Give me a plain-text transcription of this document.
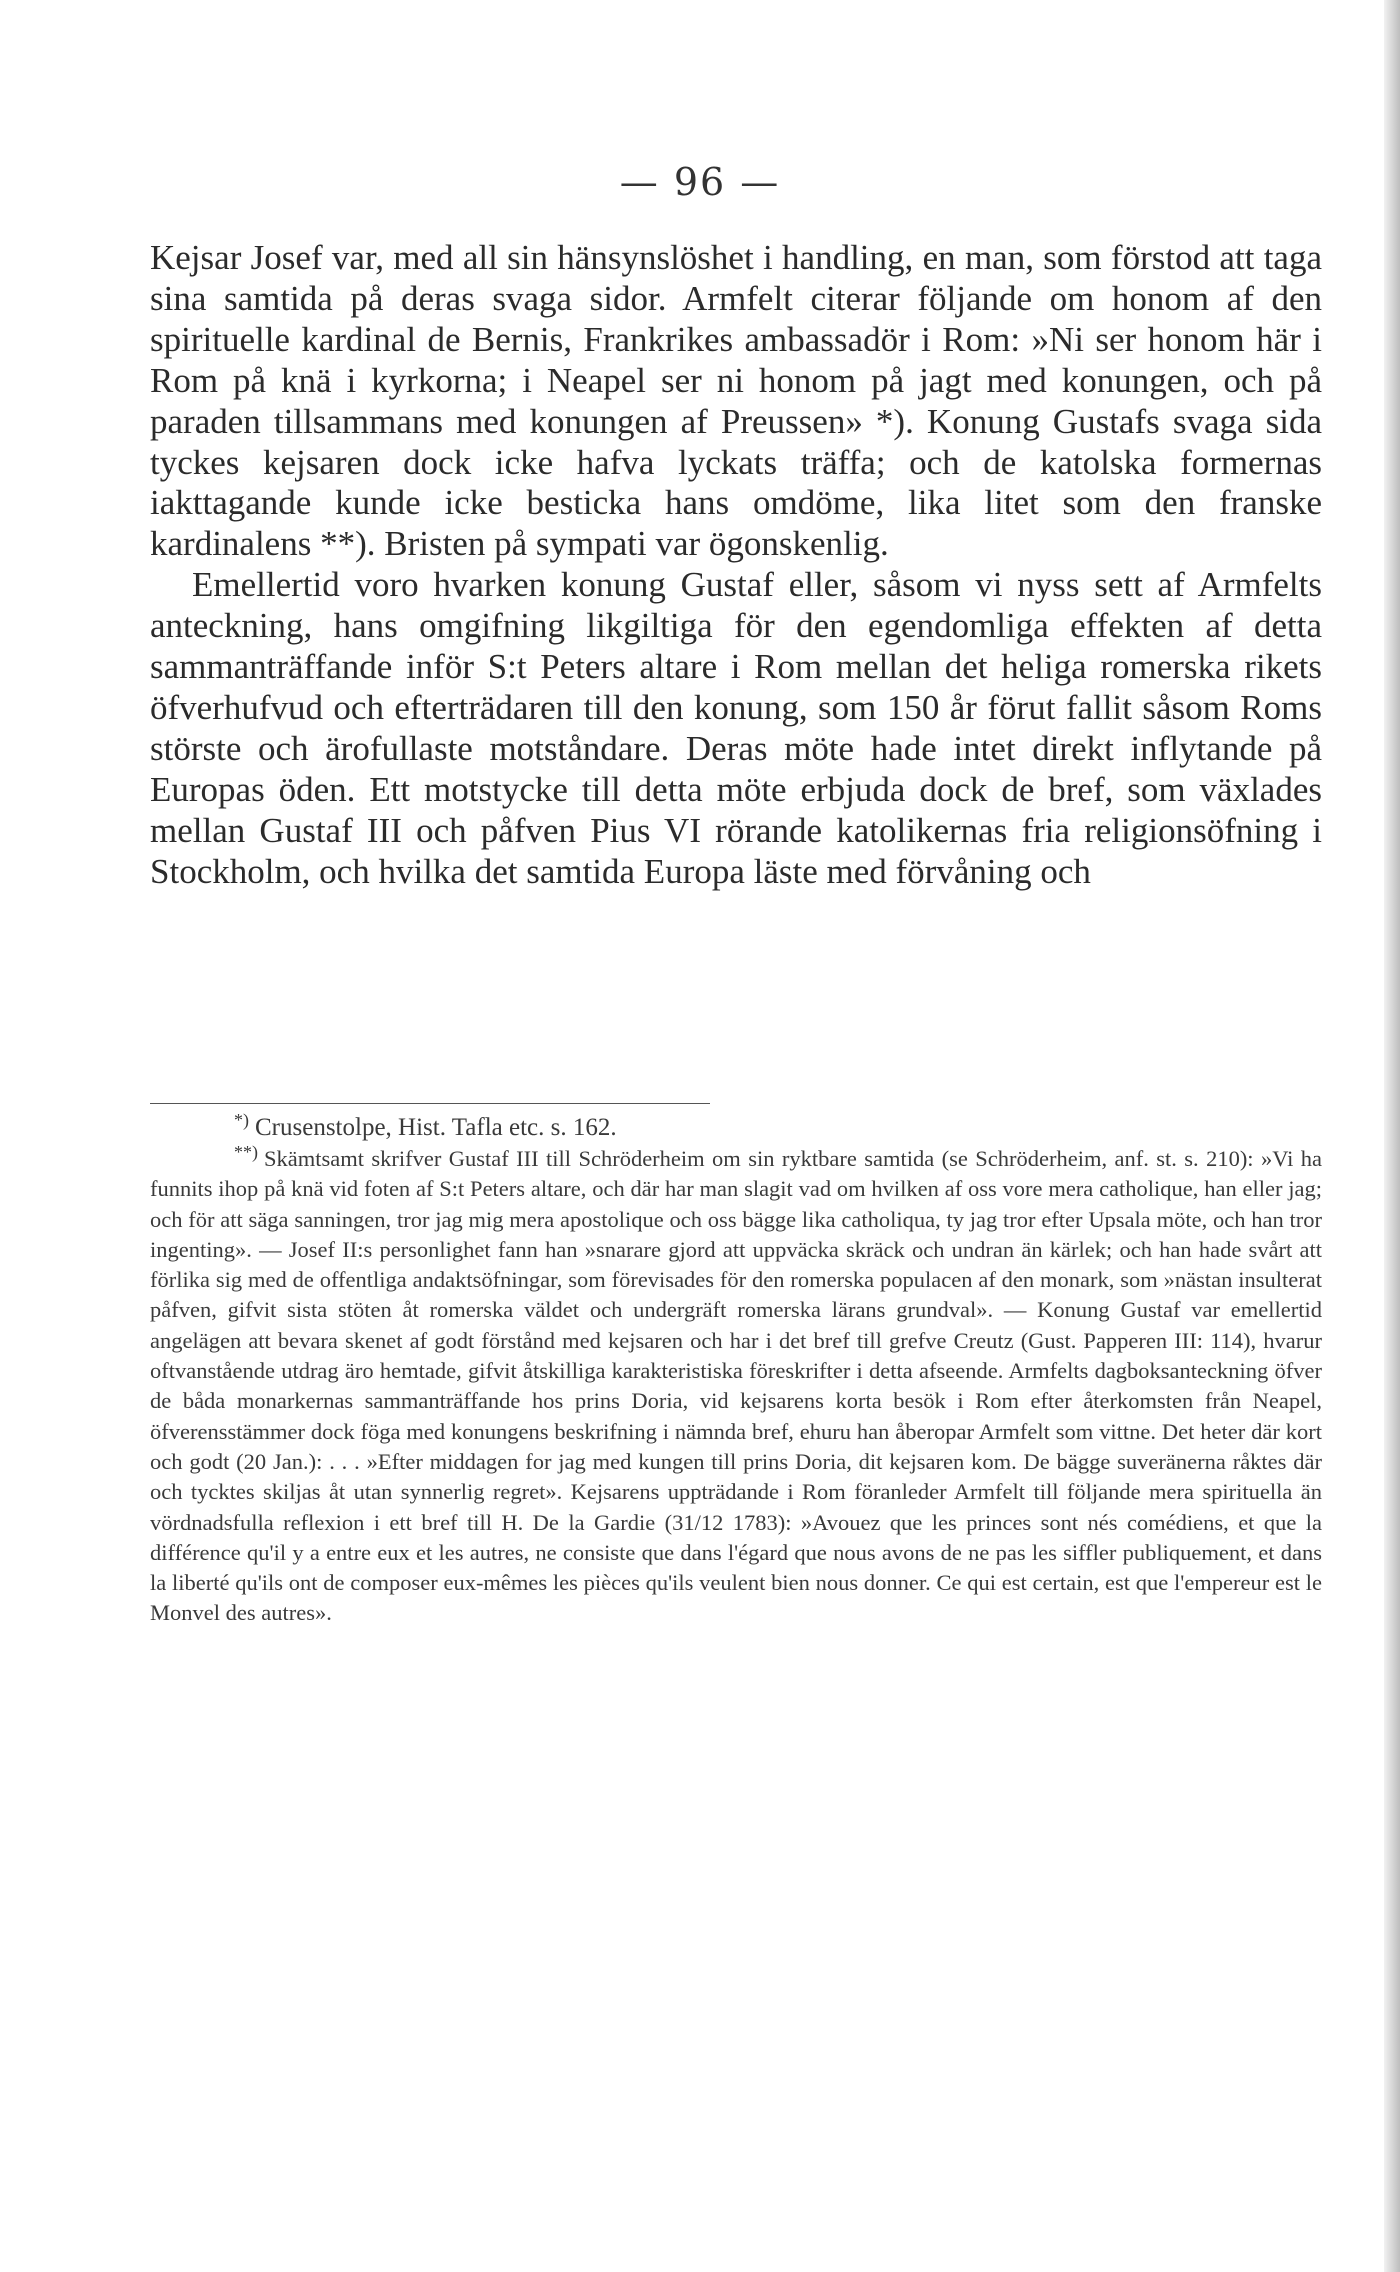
— 96 —

Kejsar Josef var, med all sin hänsynslöshet i handling, en man, som förstod att taga sina samtida på deras svaga sidor. Armfelt citerar följande om honom af den spirituelle kardinal de Bernis, Frankrikes ambassadör i Rom: »Ni ser honom här i Rom på knä i kyrkorna; i Neapel ser ni honom på jagt med konungen, och på paraden tillsammans med konungen af Preussen» *). Konung Gustafs svaga sida tyckes kejsaren dock icke hafva lyckats träffa; och de katolska formernas iakttagande kunde icke besticka hans omdöme, lika litet som den franske kardinalens **). Bristen på sympati var ögonskenlig.

Emellertid voro hvarken konung Gustaf eller, såsom vi nyss sett af Armfelts anteckning, hans omgifning likgiltiga för den egendomliga effekten af detta sammanträffande inför S:t Peters altare i Rom mellan det heliga romerska rikets öfverhufvud och efterträdaren till den konung, som 150 år förut fallit såsom Roms störste och ärofullaste motståndare. Deras möte hade intet direkt inflytande på Europas öden. Ett motstycke till detta möte erbjuda dock de bref, som växlades mellan Gustaf III och påfven Pius VI rörande katolikernas fria religionsöfning i Stockholm, och hvilka det samtida Europa läste med förvåning och

*) Crusenstolpe, Hist. Tafla etc. s. 162.

**) Skämtsamt skrifver Gustaf III till Schröderheim om sin ryktbare samtida (se Schröderheim, anf. st. s. 210): »Vi ha funnits ihop på knä vid foten af S:t Peters altare, och där har man slagit vad om hvilken af oss vore mera catholique, han eller jag; och för att säga sanningen, tror jag mig mera apostolique och oss bägge lika catholiqua, ty jag tror efter Upsala möte, och han tror ingenting». — Josef II:s personlighet fann han »snarare gjord att uppväcka skräck och undran än kärlek; och han hade svårt att förlika sig med de offentliga andaktsöfningar, som förevisades för den romerska populacen af den monark, som »nästan insulterat påfven, gifvit sista stöten åt romerska väldet och undergräft romerska lärans grundval». — Konung Gustaf var emellertid angelägen att bevara skenet af godt förstånd med kejsaren och har i det bref till grefve Creutz (Gust. Papperen III: 114), hvarur oftvanstående utdrag äro hemtade, gifvit åtskilliga karakteristiska föreskrifter i detta afseende. Armfelts dagboksanteckning öfver de båda monarkernas sammanträffande hos prins Doria, vid kejsarens korta besök i Rom efter återkomsten från Neapel, öfverensstämmer dock föga med konungens beskrifning i nämnda bref, ehuru han åberopar Armfelt som vittne. Det heter där kort och godt (20 Jan.): . . . »Efter middagen for jag med kungen till prins Doria, dit kejsaren kom. De bägge suveränerna råktes där och tycktes skiljas åt utan synnerlig regret». Kejsarens uppträdande i Rom föranleder Armfelt till följande mera spirituella än vördnadsfulla reflexion i ett bref till H. De la Gardie (31/12 1783): »Avouez que les princes sont nés comédiens, et que la différence qu'il y a entre eux et les autres, ne consiste que dans l'égard que nous avons de ne pas les siffler publiquement, et dans la liberté qu'ils ont de composer eux-mêmes les pièces qu'ils veulent bien nous donner. Ce qui est certain, est que l'empereur est le Monvel des autres».
